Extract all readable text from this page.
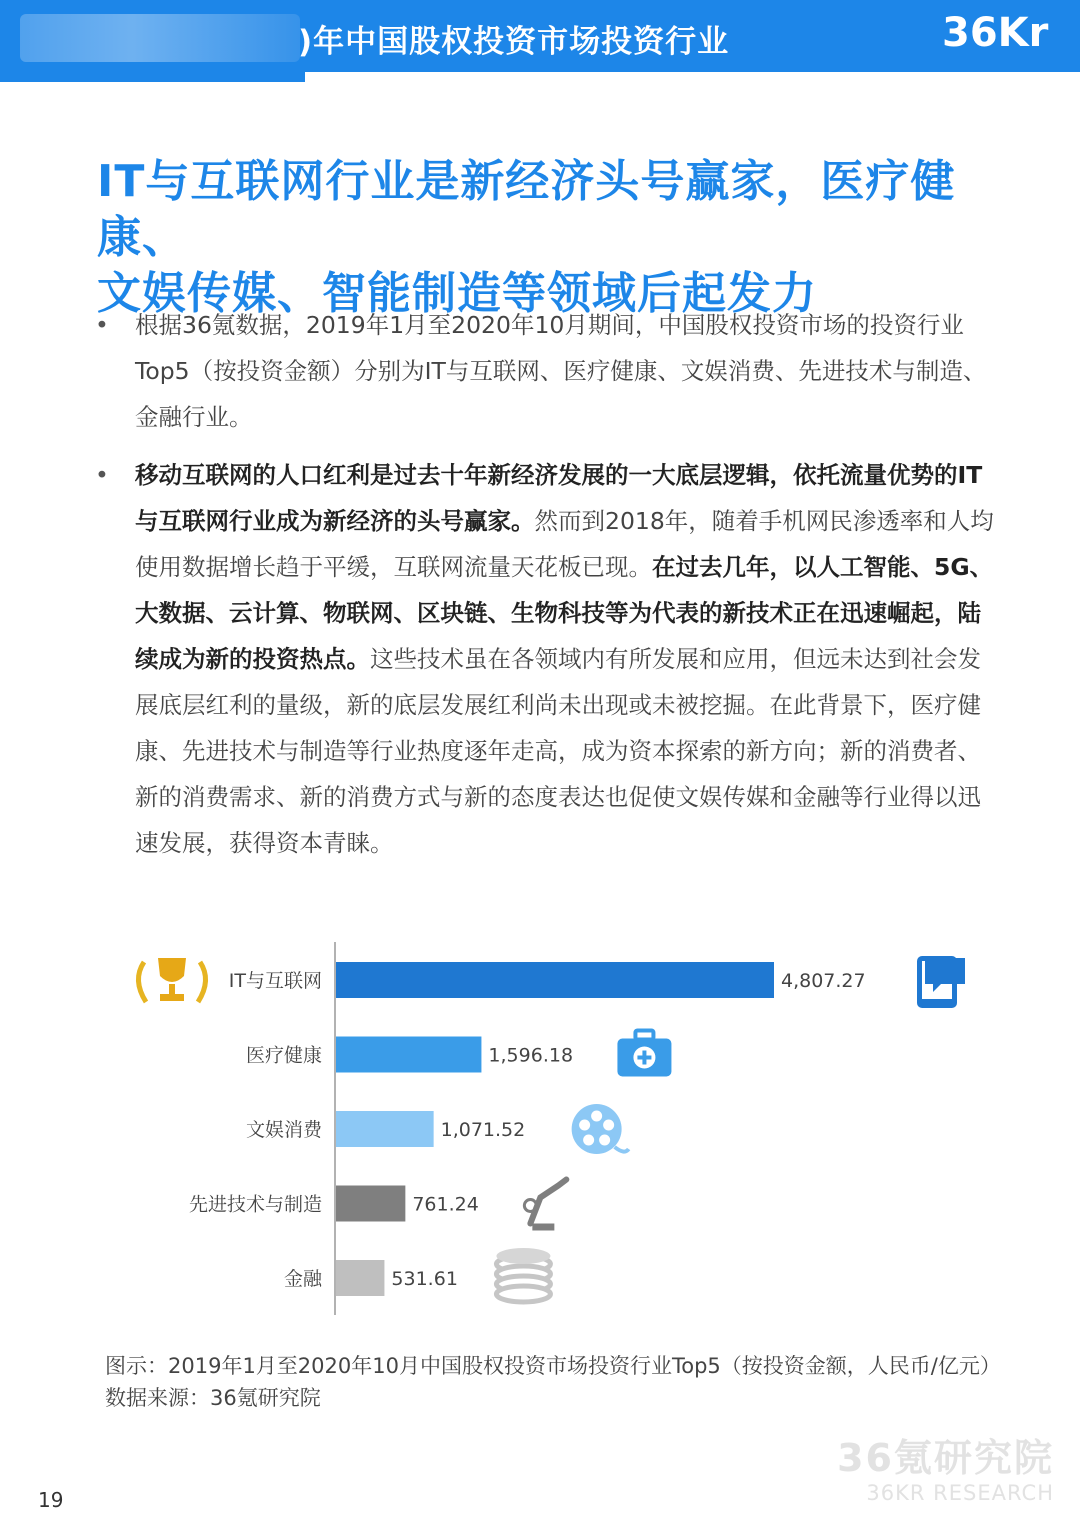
)年中国股权投资市场投资行业	36Kr
IT与互联网行业是新经济头号赢家，医疗健康、
文娱传媒、智能制造等领域后起发力
• 根据36氪数据，2019年1月至2020年10月期间，中国股权投资市场的投资行业Top5（按投资金额）分别为IT与互联网、医疗健康、文娱消费、先进技术与制造、金融行业。
• 移动互联网的人口红利是过去十年新经济发展的一大底层逻辑，依托流量优势的IT与互联网行业成为新经济的头号赢家。然而到2018年，随着手机网民渗透率和人均使用数据增长趋于平缓，互联网流量天花板已现。在过去几年，以人工智能、5G、大数据、云计算、物联网、区块链、生物科技等为代表的新技术正在迅速崛起，陆续成为新的投资热点。这些技术虽在各领域内有所发展和应用，但远未达到社会发展底层红利的量级，新的底层发展红利尚未出现或未被挖掘。在此背景下，医疗健康、先进技术与制造等行业热度逐年走高，成为资本探索的新方向；新的消费者、新的消费需求、新的消费方式与新的态度表达也促使文娱传媒和金融等行业得以迅速发展，获得资本青睐。
IT与互联网	4,807.27
医疗健康	1,596.18
文娱消费	1,071.52
先进技术与制造	761.24
金融	531.61
图示：2019年1月至2020年10月中国股权投资市场投资行业Top5（按投资金额，人民币/亿元）
数据来源：36氪研究院
36氪研究院
36KR RESEARCH
19
